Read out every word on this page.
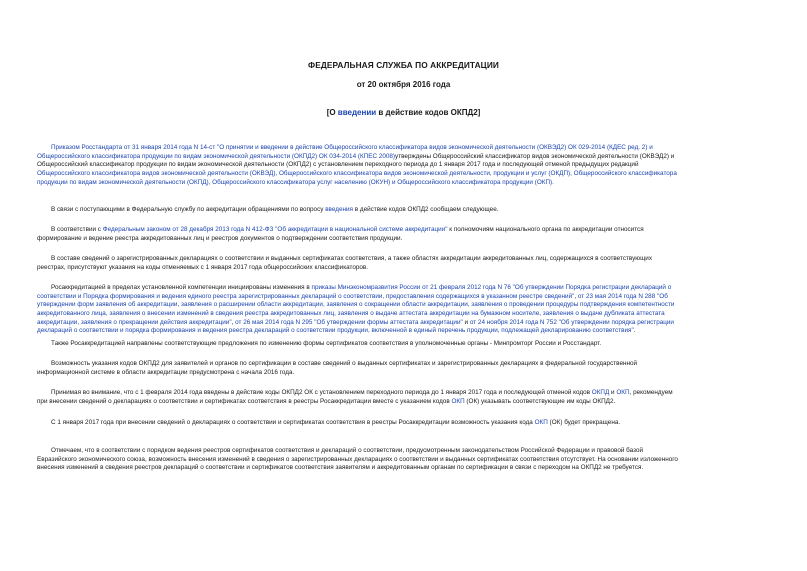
ФЕДЕРАЛЬНАЯ СЛУЖБА ПО АККРЕДИТАЦИИ
от 20 октября 2016 года
[О введении в действие кодов ОКПД2]
Приказом Росстандарта от 31 января 2014 года N 14-ст "О принятии и введении в действие Общероссийского классификатора видов экономической деятельности (ОКВЭД2) ОК 029-2014 (КДЕС ред. 2) и
Общероссийского классификатора продукции по видам экономической деятельности (ОКПД2) ОК 034-2014 (КПЕС 2008)утверждены Общероссийский классификатор видов экономической деятельности (ОКВЭД2) и
Общероссийский классификатор продукции по видам экономической деятельности (ОКПД2) с установлением переходного периода до 1 января 2017 года и последующей отменой предыдущих редакций
Общероссийского классификатора видов экономической деятельности (ОКВЭД), Общероссийского классификатора видов экономической деятельности, продукции и услуг (ОКДП), Общероссийского классификатора
продукции по видам экономической деятельности (ОКПД), Общероссийского классификатора услуг населению (ОКУН) и Общероссийского классификатора продукции (ОКП).
В связи с поступающими в Федеральную службу по аккредитации обращениями по вопросу введения в действие кодов ОКПД2 сообщаем следующее.
В соответствии с Федеральным законом от 28 декабря 2013 года N 412-ФЗ "Об аккредитации в национальной системе аккредитации" к полномочиям национального органа по аккредитации относится
формирование и ведение реестра аккредитованных лиц и реестров документов о подтверждении соответствия продукции.
В составе сведений о зарегистрированных декларациях о соответствии и выданных сертификатах соответствия, а также областях аккредитации аккредитованных лиц, содержащихся в соответствующих
реестрах, присутствуют указания на коды отменяемых с 1 января 2017 года общероссийских классификаторов.
Росаккредитацией в пределах установленной компетенции инициированы изменения в приказы Минэкономразвития России от 21 февраля 2012 года N 76 "Об утверждении Порядка регистрации деклараций о
соответствии и Порядка формирования и ведения единого реестра зарегистрированных деклараций о соответствии, предоставления содержащихся в указанном реестре сведений", от 23 мая 2014 года N 288 "Об
утверждении форм заявления об аккредитации, заявления о расширении области аккредитации, заявления о сокращении области аккредитации, заявления о проведении процедуры подтверждения компетентности
аккредитованного лица, заявления о внесении изменений в сведения реестра аккредитованных лиц, заявления о выдаче аттестата аккредитации на бумажном носителе, заявления о выдаче дубликата аттестата
аккредитации, заявления о прекращении действия аккредитации", от 26 мая 2014 года N 295 "Об утверждении формы аттестата аккредитации" и от 24 ноября 2014 года N 752 "Об утверждении порядка регистрации
деклараций о соответствии и порядка формирования и ведения реестра деклараций о соответствии продукции, включенной в единый перечень продукции, подлежащей декларированию соответствия".
Также Росаккредитацией направлены соответствующие предложения по изменению формы сертификатов соответствия в уполномоченные органы - Минпромторг России и Росстандарт.
Возможность указания кодов ОКПД2 для заявителей и органов по сертификации в составе сведений о выданных сертификатах и зарегистрированных декларациях в федеральной государственной
информационной системе в области аккредитации предусмотрена с начала 2016 года.
Принимая во внимание, что с 1 февраля 2014 года введены в действие коды ОКПД2 ОК с установлением переходного периода до 1 января 2017 года и последующей отменой кодов ОКПД и ОКП, рекомендуем
при внесении сведений о декларациях о соответствии и сертификатах соответствия в реестры Росаккредитации вместе с указанием кодов ОКП (ОК) указывать соответствующие им коды ОКПД2.
С 1 января 2017 года при внесении сведений о декларациях о соответствии и сертификатах соответствия в реестры Росаккредитации возможность указания кода ОКП (ОК) будет прекращена.
Отмечаем, что в соответствии с порядком ведения реестров сертификатов соответствия и деклараций о соответствии, предусмотренным законодательством Российской Федерации и правовой базой
Евразийского экономического союза, возможность внесения изменений в сведения о зарегистрированных декларациях о соответствии и выданных сертификатах соответствия отсутствует. На основании изложенного
внесения изменений в сведения реестров деклараций о соответствии и сертификатов соответствия заявителям и аккредитованным органам по сертификации в связи с переходом на ОКПД2 не требуется.
